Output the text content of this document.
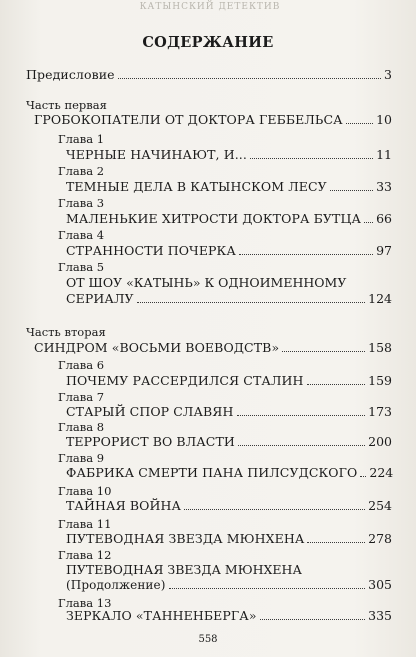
КАТЫНСКИЙ ДЕТЕКТИВ
СОДЕРЖАНИЕ
Предисловие	3
Часть первая
ГРОБОКОПАТЕЛИ ОТ ДОКТОРА ГЕББЕЛЬСА	10
Глава 1
ЧЕРНЫЕ НАЧИНАЮТ, И...	11
Глава 2
ТЕМНЫЕ ДЕЛА В КАТЫНСКОМ ЛЕСУ	33
Глава 3
МАЛЕНЬКИЕ ХИТРОСТИ ДОКТОРА БУТЦА 66
Глава 4
СТРАННОСТИ ПОЧЕРКА	97
Глава 5
ОТ ШОУ «КАТЫНЬ» К ОДНОИМЕННОМУ
СЕРИАЛУ	124
Часть вторая
СИНДРОМ «ВОСЬМИ ВОЕВОДСТВ»	158
Глава 6
ПОЧЕМУ РАССЕРДИЛСЯ СТАЛИН	159
Глава 7
СТАРЫЙ СПОР СЛАВЯН	173
Глава 8
ТЕРРОРИСТ ВО ВЛАСТИ	200
Глава 9
ФАБРИКА СМЕРТИ ПАНА ПИЛСУДСКОГО 224
Глава 10
ТАЙНАЯ ВОЙНА	254
Глава 11
ПУТЕВОДНАЯ ЗВЕЗДА МЮНХЕНА	278
Глава 12
ПУТЕВОДНАЯ ЗВЕЗДА МЮНХЕНА
(Продолжение)	305
Глава 13
ЗЕРКАЛО «ТАННЕНБЕРГА»	335
558
